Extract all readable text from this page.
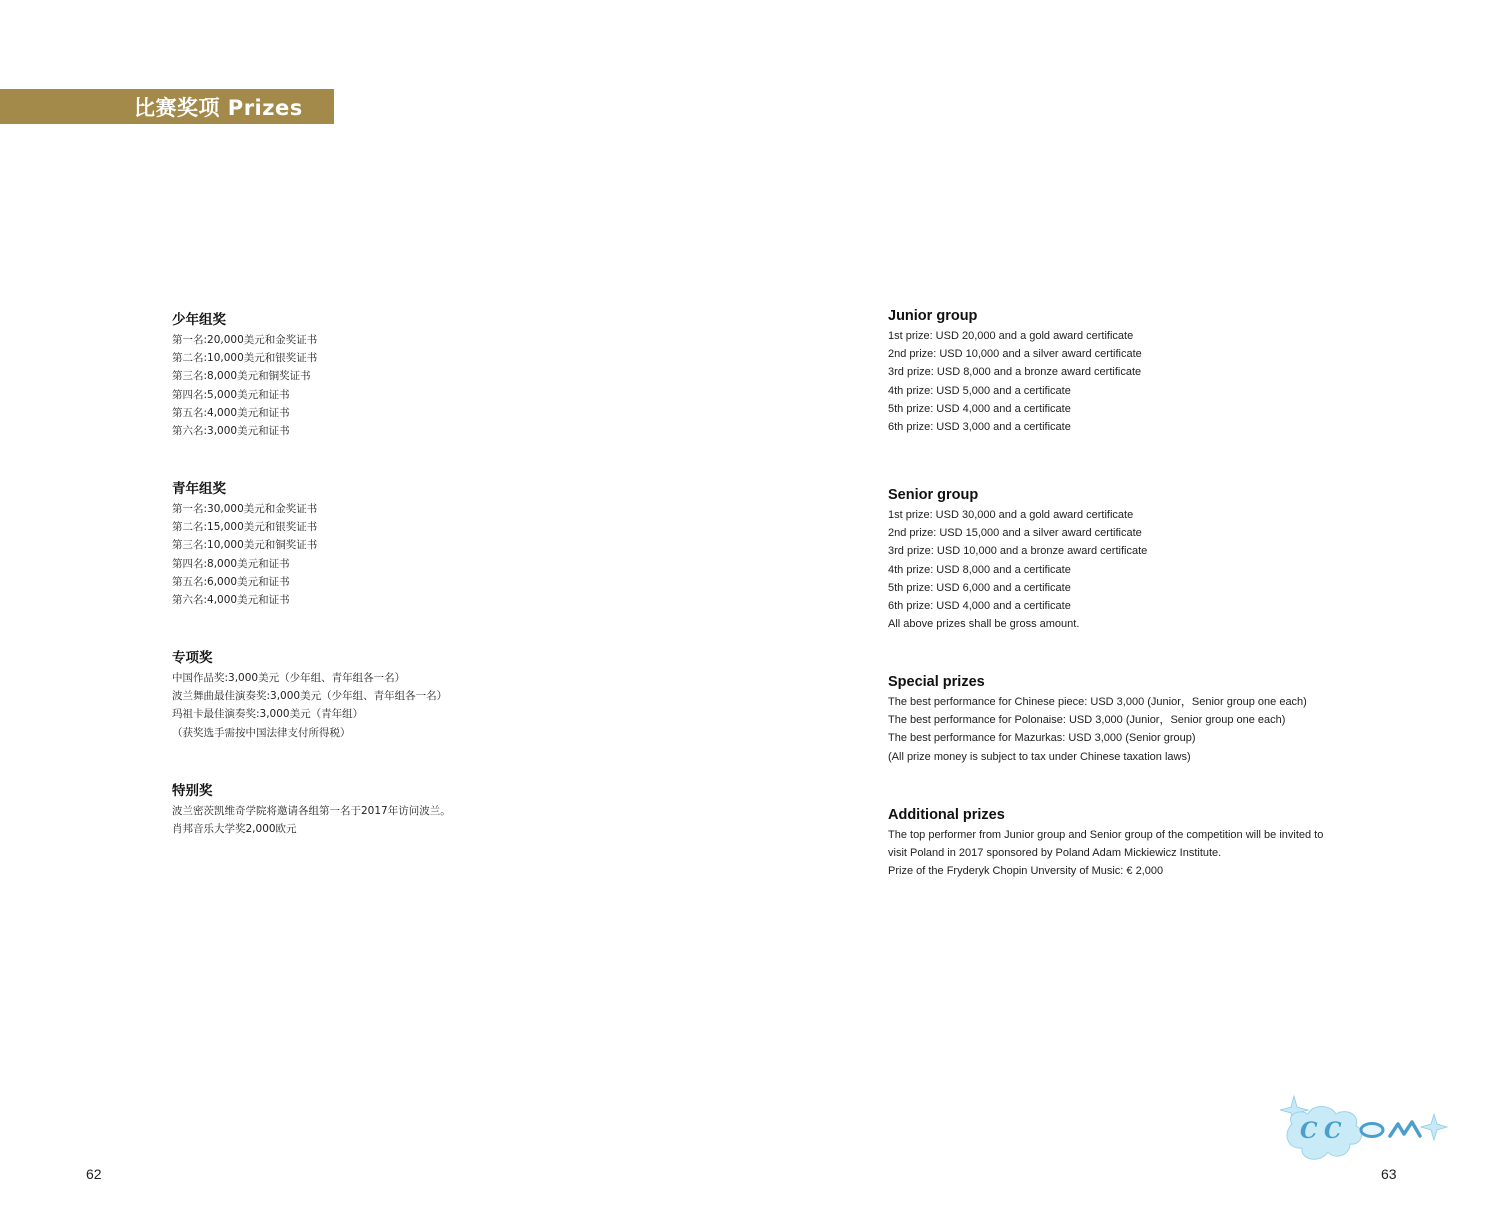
比赛奖项 Prizes
少年组奖
第一名:20,000美元和金奖证书
第二名:10,000美元和银奖证书
第三名:8,000美元和铜奖证书
第四名:5,000美元和证书
第五名:4,000美元和证书
第六名:3,000美元和证书
青年组奖
第一名:30,000美元和金奖证书
第二名:15,000美元和银奖证书
第三名:10,000美元和铜奖证书
第四名:8,000美元和证书
第五名:6,000美元和证书
第六名:4,000美元和证书
专项奖
中国作品奖:3,000美元（少年组、青年组各一名）
波兰舞曲最佳演奏奖:3,000美元（少年组、青年组各一名）
玛祖卡最佳演奏奖:3,000美元（青年组）
（获奖选手需按中国法律支付所得税）
特别奖
波兰密茨凯维奇学院将邀请各组第一名于2017年访问波兰。
肖邦音乐大学奖2,000欧元
Junior group
1st prize: USD 20,000 and a gold award certificate
2nd prize: USD 10,000 and a silver award certificate
3rd prize: USD 8,000 and a bronze award certificate
4th prize: USD 5,000 and a certificate
5th prize: USD 4,000 and a certificate
6th prize: USD 3,000 and a certificate
Senior group
1st prize: USD 30,000 and a gold award certificate
2nd prize: USD 15,000 and a silver award certificate
3rd prize: USD 10,000 and a bronze award certificate
4th prize: USD 8,000 and a certificate
5th prize: USD 6,000 and a certificate
6th prize: USD 4,000 and a certificate
All above prizes shall be gross amount.
Special prizes
The best performance for Chinese piece: USD 3,000 (Junior，Senior group one each)
The best performance for Polonaise: USD 3,000 (Junior，Senior group one each)
The best performance for Mazurkas: USD 3,000 (Senior group)
(All prize money is subject to tax under Chinese taxation laws)
Additional prizes
The top performer from Junior group and Senior group of the competition will be invited to
visit Poland in 2017 sponsored by Poland Adam Mickiewicz Institute.
Prize of the Fryderyk Chopin Unversity of Music: € 2,000
62	63
C C
